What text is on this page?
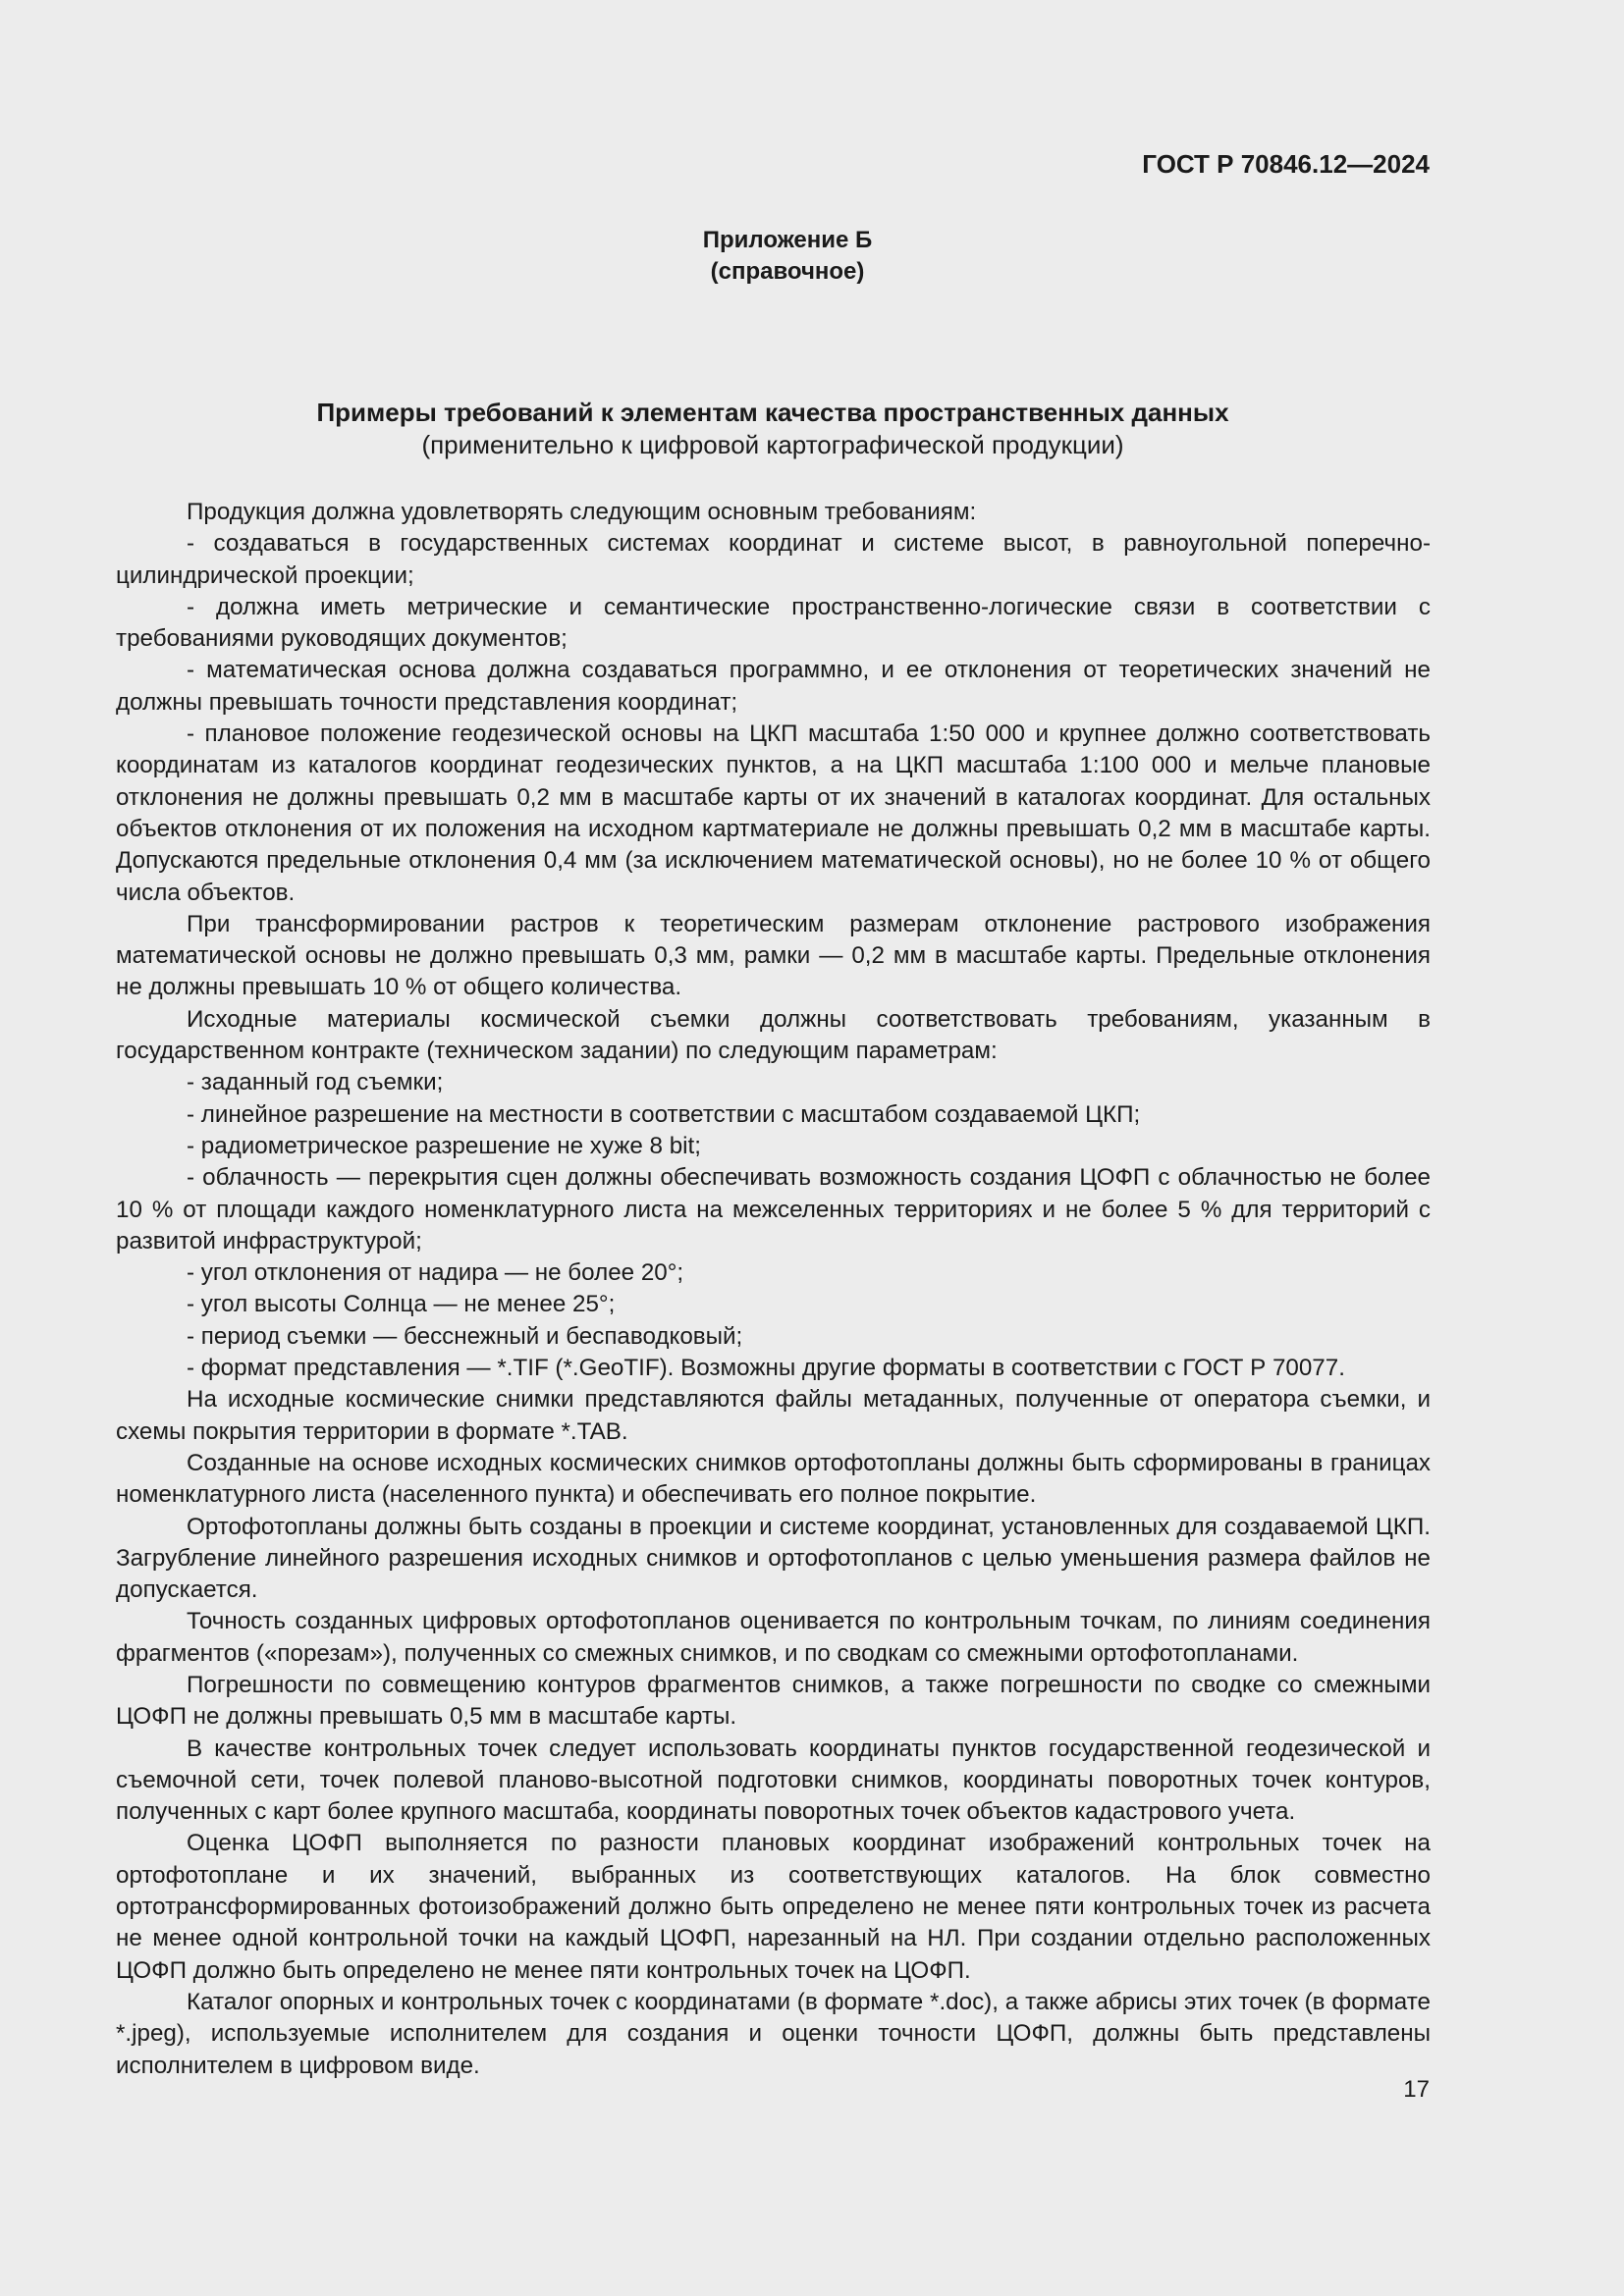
ГОСТ Р 70846.12—2024
Приложение Б
(справочное)
Примеры требований к элементам качества пространственных данных
(применительно к цифровой картографической продукции)

Продукция должна удовлетворять следующим основным требованиям:

- создаваться в государственных системах координат и системе высот, в равноугольной поперечно-цилиндрической проекции;

- должна иметь метрические и семантические пространственно-логические связи в соответствии с требованиями руководящих документов;

- математическая основа должна создаваться программно, и ее отклонения от теоретических значений не должны превышать точности представления координат;

- плановое положение геодезической основы на ЦКП масштаба 1:50 000 и крупнее должно соответствовать координатам из каталогов координат геодезических пунктов, а на ЦКП масштаба 1:100 000 и мельче плановые отклонения не должны превышать 0,2 мм в масштабе карты от их значений в каталогах координат. Для остальных объектов отклонения от их положения на исходном картматериале не должны превышать 0,2 мм в масштабе карты. Допускаются предельные отклонения 0,4 мм (за исключением математической основы), но не более 10 % от общего числа объектов.

При трансформировании растров к теоретическим размерам отклонение растрового изображения математической основы не должно превышать 0,3 мм, рамки — 0,2 мм в масштабе карты. Предельные отклонения не должны превышать 10 % от общего количества.

Исходные материалы космической съемки должны соответствовать требованиям, указанным в государственном контракте (техническом задании) по следующим параметрам:

- заданный год съемки;

- линейное разрешение на местности в соответствии с масштабом создаваемой ЦКП;

- радиометрическое разрешение не хуже 8 bit;

- облачность — перекрытия сцен должны обеспечивать возможность создания ЦОФП с облачностью не более 10 % от площади каждого номенклатурного листа на межселенных территориях и не более 5 % для территорий с развитой инфраструктурой;

- угол отклонения от надира — не более 20°;

- угол высоты Солнца — не менее 25°;

- период съемки — бесснежный и беспаводковый;

- формат представления — *.TIF (*.GeoTIF). Возможны другие форматы в соответствии с ГОСТ Р 70077.

На исходные космические снимки представляются файлы метаданных, полученные от оператора съемки, и схемы покрытия территории в формате *.TAB.

Созданные на основе исходных космических снимков ортофотопланы должны быть сформированы в границах номенклатурного листа (населенного пункта) и обеспечивать его полное покрытие.

Ортофотопланы должны быть созданы в проекции и системе координат, установленных для создаваемой ЦКП. Загрубление линейного разрешения исходных снимков и ортофотопланов с целью уменьшения размера файлов не допускается.

Точность созданных цифровых ортофотопланов оценивается по контрольным точкам, по линиям соединения фрагментов («порезам»), полученных со смежных снимков, и по сводкам со смежными ортофотопланами.

Погрешности по совмещению контуров фрагментов снимков, а также погрешности по сводке со смежными ЦОФП не должны превышать 0,5 мм в масштабе карты.

В качестве контрольных точек следует использовать координаты пунктов государственной геодезической и съемочной сети, точек полевой планово-высотной подготовки снимков, координаты поворотных точек контуров, полученных с карт более крупного масштаба, координаты поворотных точек объектов кадастрового учета.

Оценка ЦОФП выполняется по разности плановых координат изображений контрольных точек на ортофотоплане и их значений, выбранных из соответствующих каталогов. На блок совместно ортотрансформированных фотоизображений должно быть определено не менее пяти контрольных точек из расчета не менее одной контрольной точки на каждый ЦОФП, нарезанный на НЛ. При создании отдельно расположенных ЦОФП должно быть определено не менее пяти контрольных точек на ЦОФП.

Каталог опорных и контрольных точек с координатами (в формате *.doc), а также абрисы этих точек (в формате *.jpeg), используемые исполнителем для создания и оценки точности ЦОФП, должны быть представлены исполнителем в цифровом виде.

17
